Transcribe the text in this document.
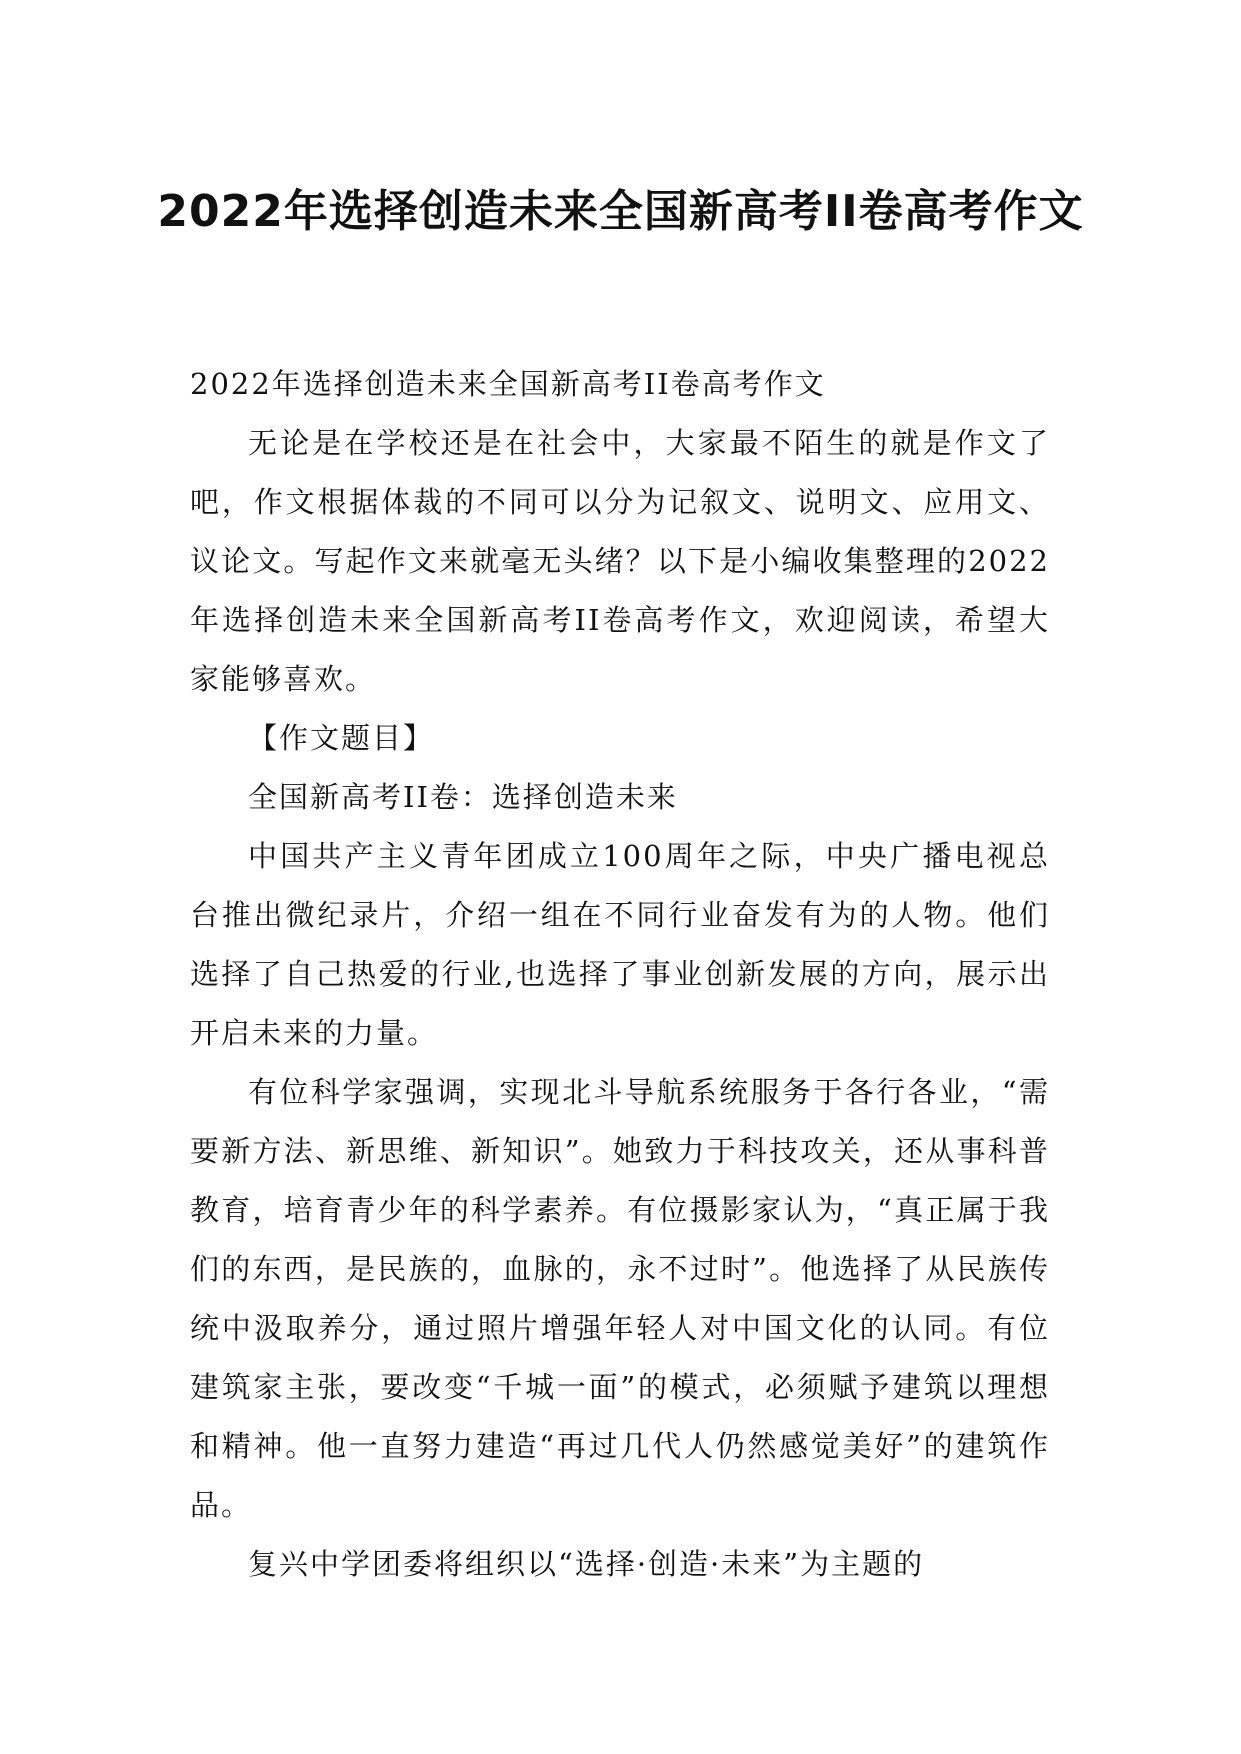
2022年选择创造未来全国新高考II卷高考作文

2022年选择创造未来全国新高考II卷高考作文

无论是在学校还是在社会中，大家最不陌生的就是作文了吧，作文根据体裁的不同可以分为记叙文、说明文、应用文、议论文。写起作文来就毫无头绪？以下是小编收集整理的2022年选择创造未来全国新高考II卷高考作文，欢迎阅读，希望大家能够喜欢。

【作文题目】

全国新高考II卷：选择创造未来

中国共产主义青年团成立100周年之际，中央广播电视总台推出微纪录片，介绍一组在不同行业奋发有为的人物。他们选择了自己热爱的行业,也选择了事业创新发展的方向，展示出开启未来的力量。

有位科学家强调，实现北斗导航系统服务于各行各业，“需要新方法、新思维、新知识”。她致力于科技攻关，还从事科普教育，培育青少年的科学素养。有位摄影家认为，“真正属于我们的东西，是民族的，血脉的，永不过时”。他选择了从民族传统中汲取养分，通过照片增强年轻人对中国文化的认同。有位建筑家主张，要改变“千城一面”的模式，必须赋予建筑以理想和精神。他一直努力建造“再过几代人仍然感觉美好”的建筑作品。

复兴中学团委将组织以“选择·创造·未来”为主题的
